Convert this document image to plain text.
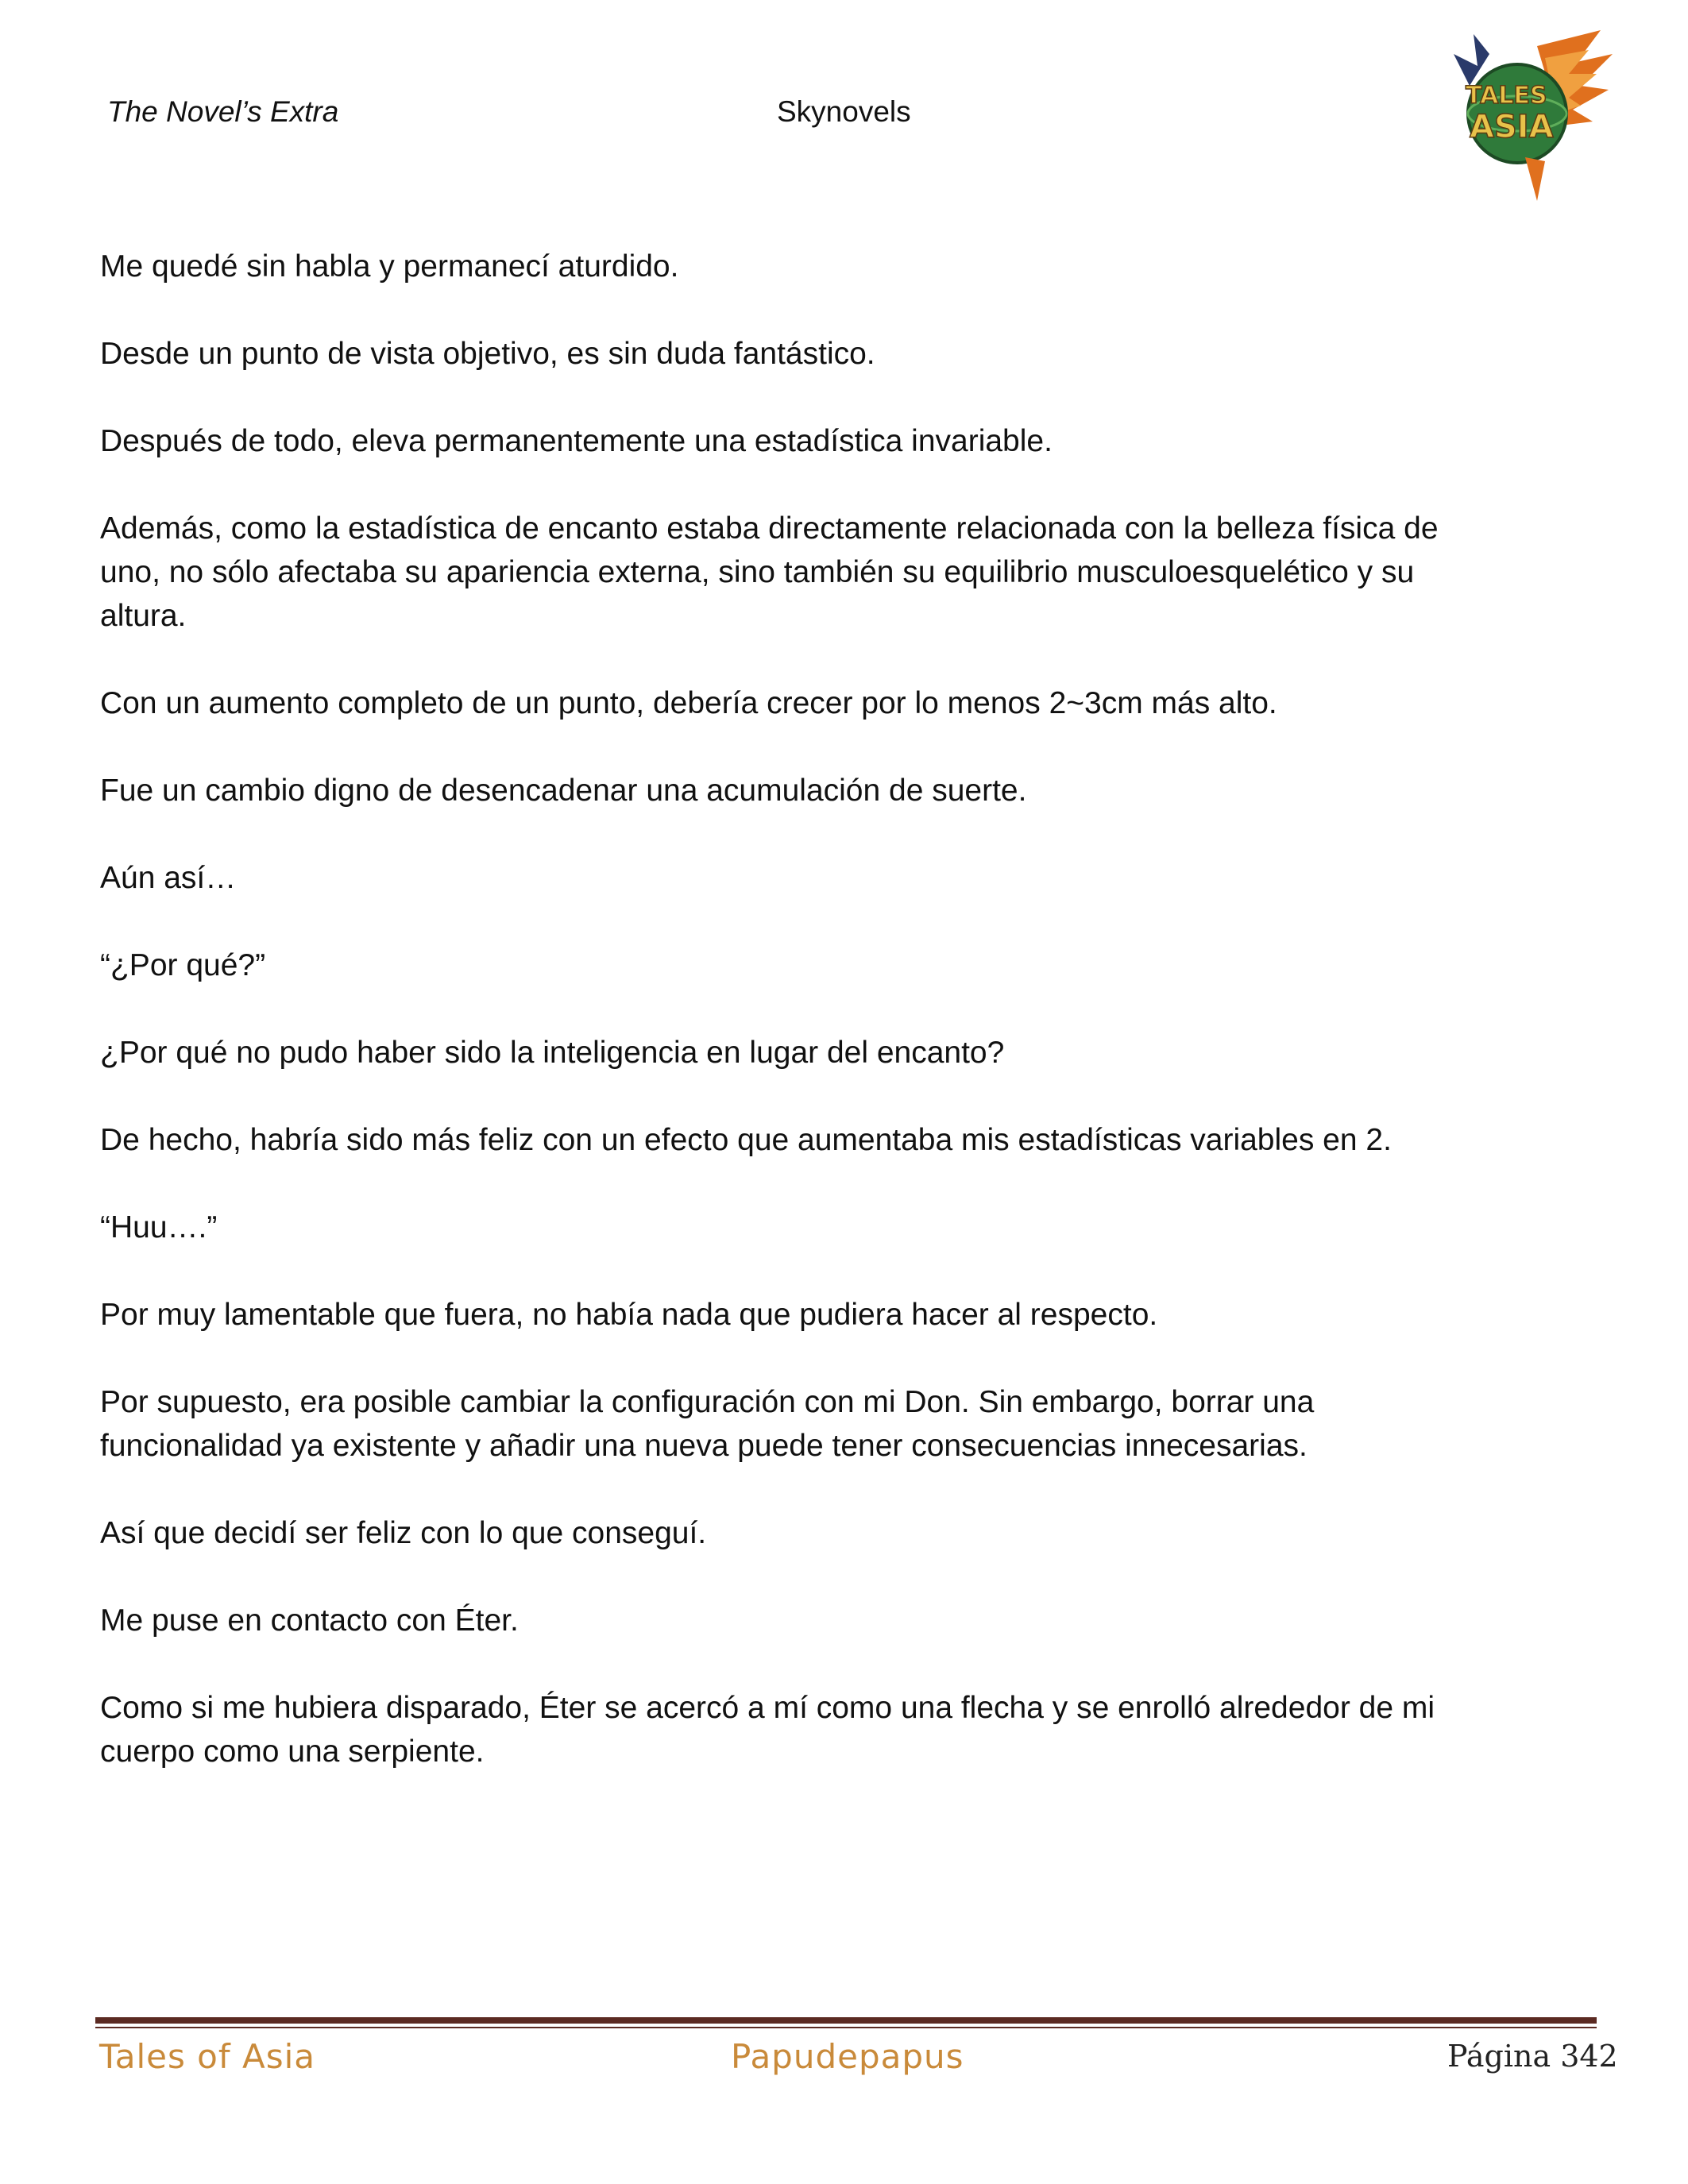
The Novel’s Extra	Skynovels	TALES
ASIA

Me quedé sin habla y permanecí aturdido.

Desde un punto de vista objetivo, es sin duda fantástico.

Después de todo, eleva permanentemente una estadística invariable.

Además, como la estadística de encanto estaba directamente relacionada con la belleza física de
uno, no sólo afectaba su apariencia externa, sino también su equilibrio musculoesquelético y su
altura.

Con un aumento completo de un punto, debería crecer por lo menos 2~3cm más alto.

Fue un cambio digno de desencadenar una acumulación de suerte.

Aún así…

“¿Por qué?”

¿Por qué no pudo haber sido la inteligencia en lugar del encanto?

De hecho, habría sido más feliz con un efecto que aumentaba mis estadísticas variables en 2.

“Huu….”

Por muy lamentable que fuera, no había nada que pudiera hacer al respecto.

Por supuesto, era posible cambiar la configuración con mi Don. Sin embargo, borrar una
funcionalidad ya existente y añadir una nueva puede tener consecuencias innecesarias.

Así que decidí ser feliz con lo que conseguí.

Me puse en contacto con Éter.

Como si me hubiera disparado, Éter se acercó a mí como una flecha y se enrolló alrededor de mi
cuerpo como una serpiente.

Tales of Asia	Papudepapus	Página 342
